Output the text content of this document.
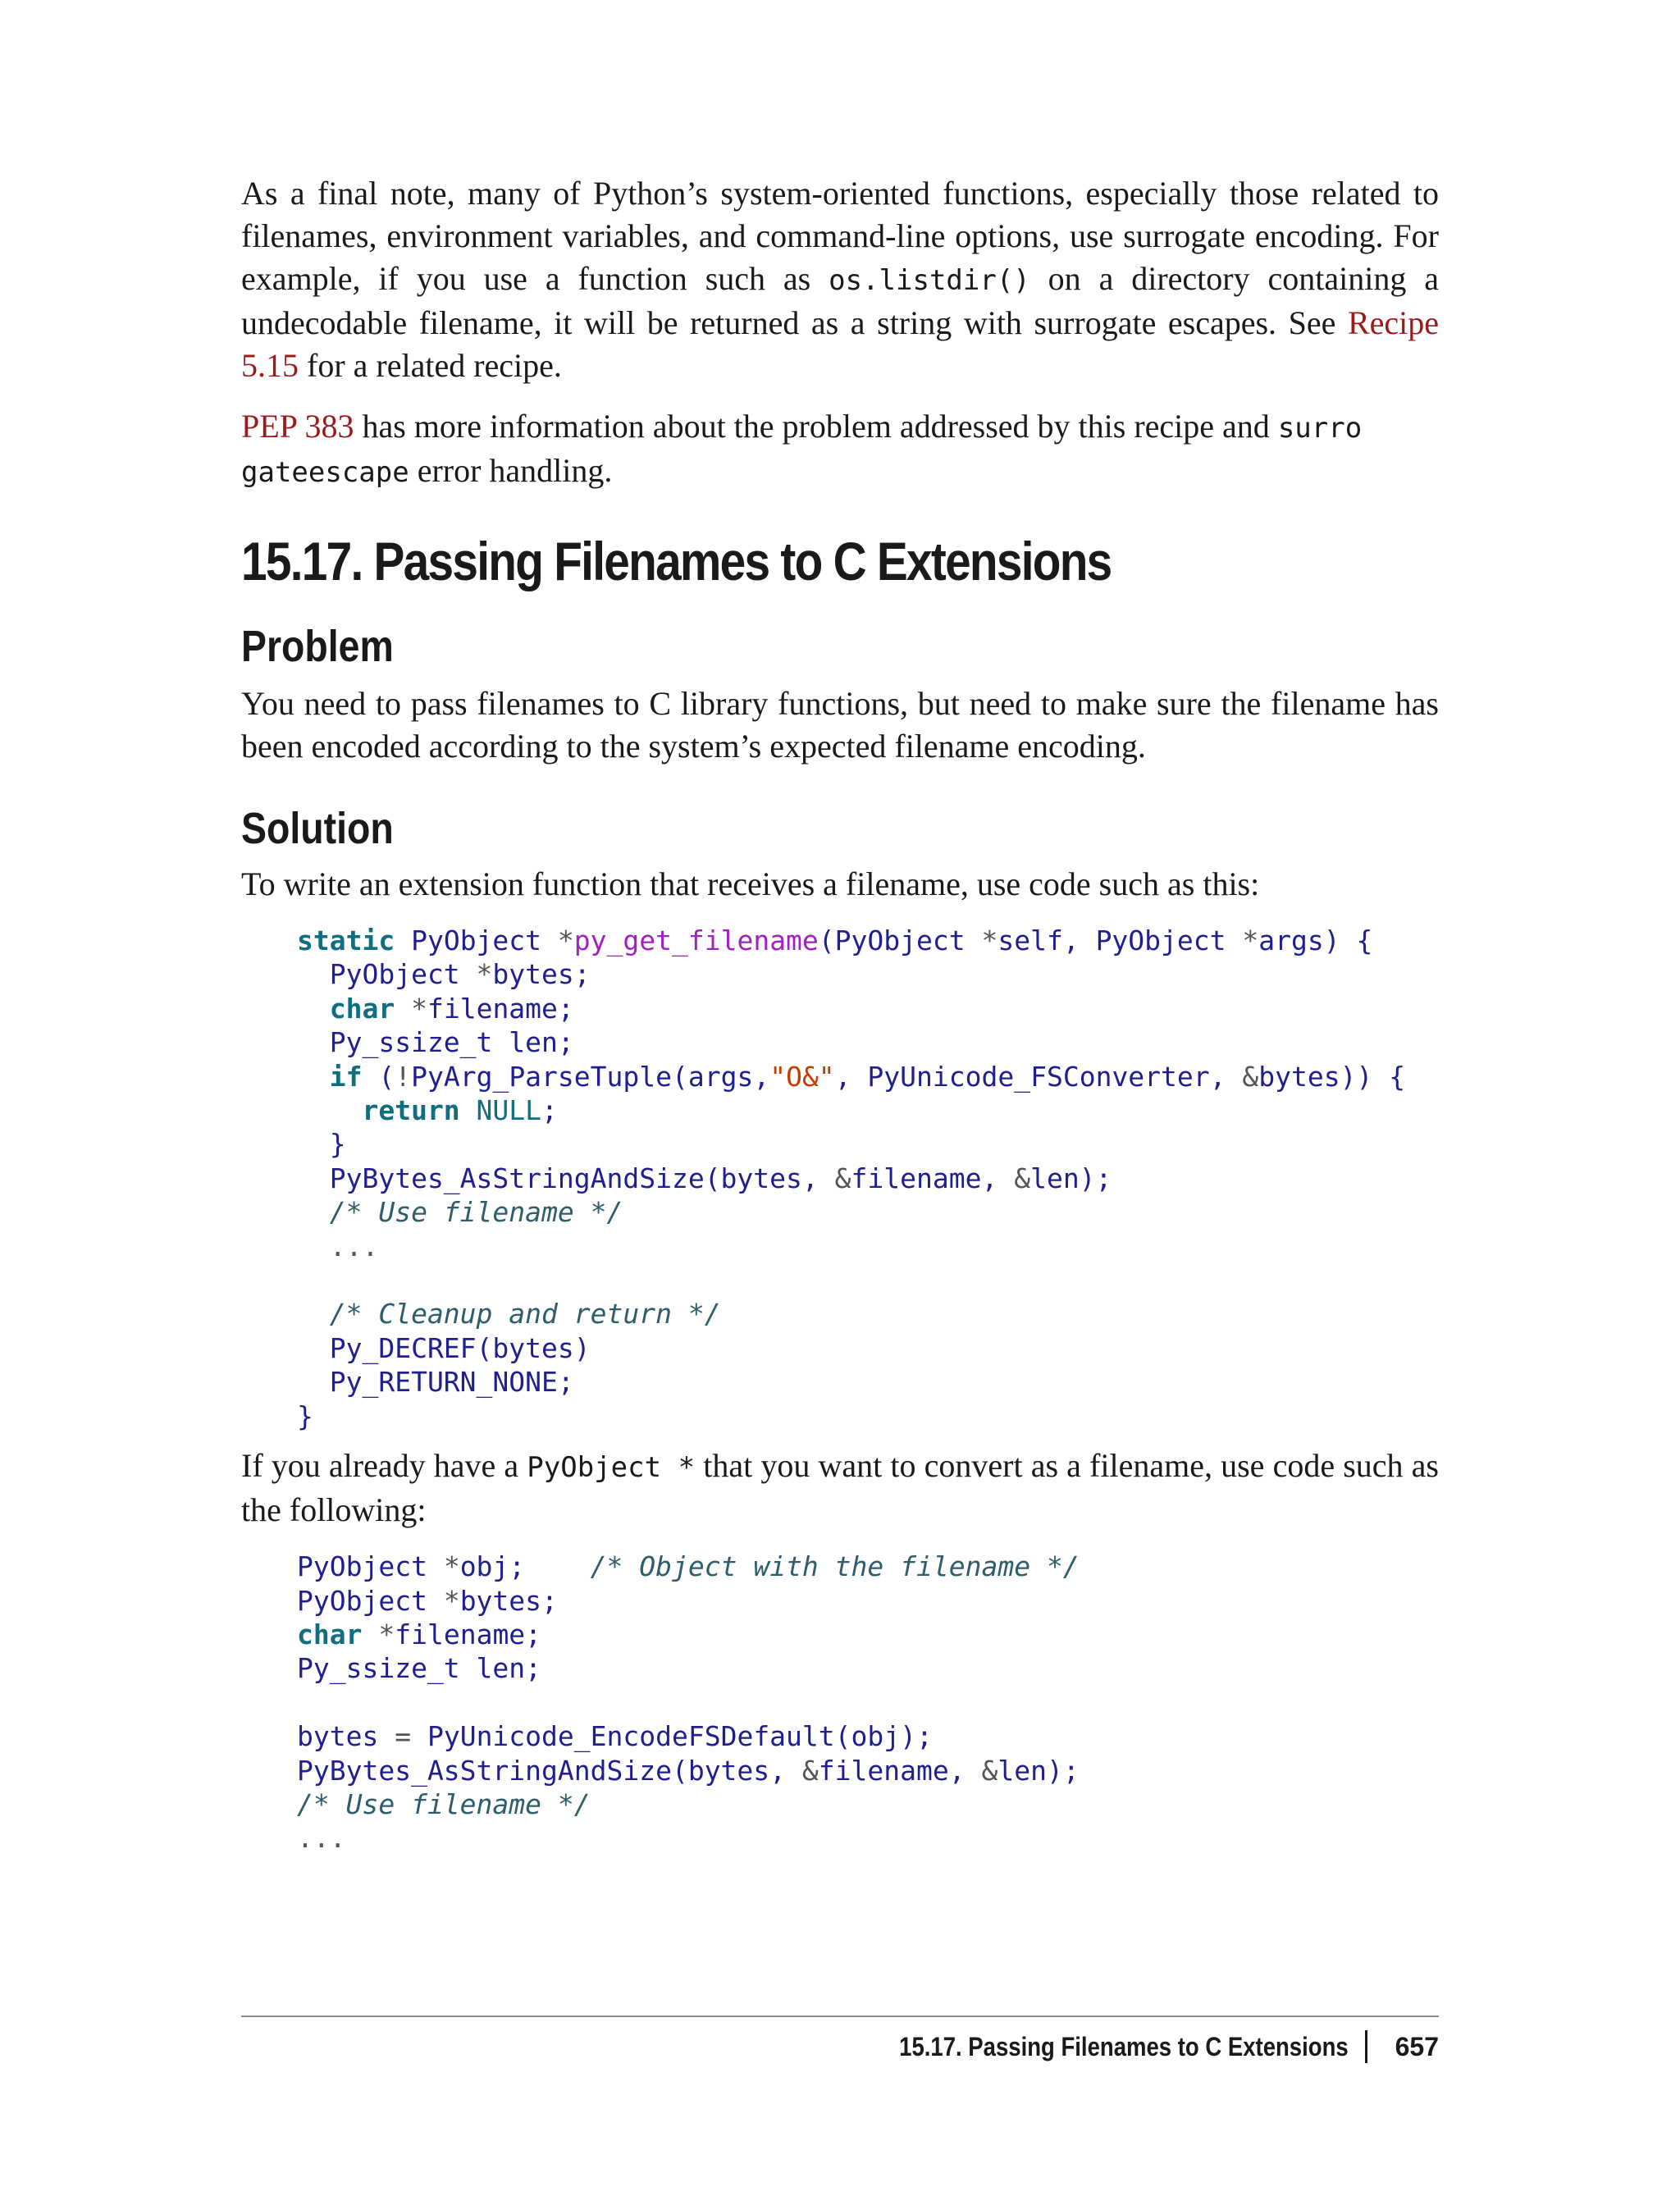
As a final note, many of Python’s system-oriented functions, especially those related to filenames, environment variables, and command-line options, use surrogate encoding. For example, if you use a function such as os.listdir() on a directory containing a undecodable filename, it will be returned as a string with surrogate escapes. See Recipe 5.15 for a related recipe.

PEP 383 has more information about the problem addressed by this recipe and surro
gateescape error handling.

15.17. Passing Filenames to C Extensions
Problem

You need to pass filenames to C library functions, but need to make sure the filename has been encoded according to the system’s expected filename encoding.

Solution

To write an extension function that receives a filename, use code such as this:

static PyObject *py_get_filename(PyObject *self, PyObject *args) {
PyObject *bytes;
char *filename;
Py_ssize_t len;
if (!PyArg_ParseTuple(args,"O&", PyUnicode_FSConverter, &bytes)) {
return NULL;
}
PyBytes_AsStringAndSize(bytes, &filename, &len);
/* Use filename */
...

/* Cleanup and return */
Py_DECREF(bytes)
Py_RETURN_NONE;
}

If you already have a PyObject * that you want to convert as a filename, use code such as the following:

PyObject *obj; /* Object with the filename */
PyObject *bytes;
char *filename;
Py_ssize_t len;

bytes = PyUnicode_EncodeFSDefault(obj);
PyBytes_AsStringAndSize(bytes, &filename, &len);
/* Use filename */
...
15.17. Passing Filenames to C Extensions 657
